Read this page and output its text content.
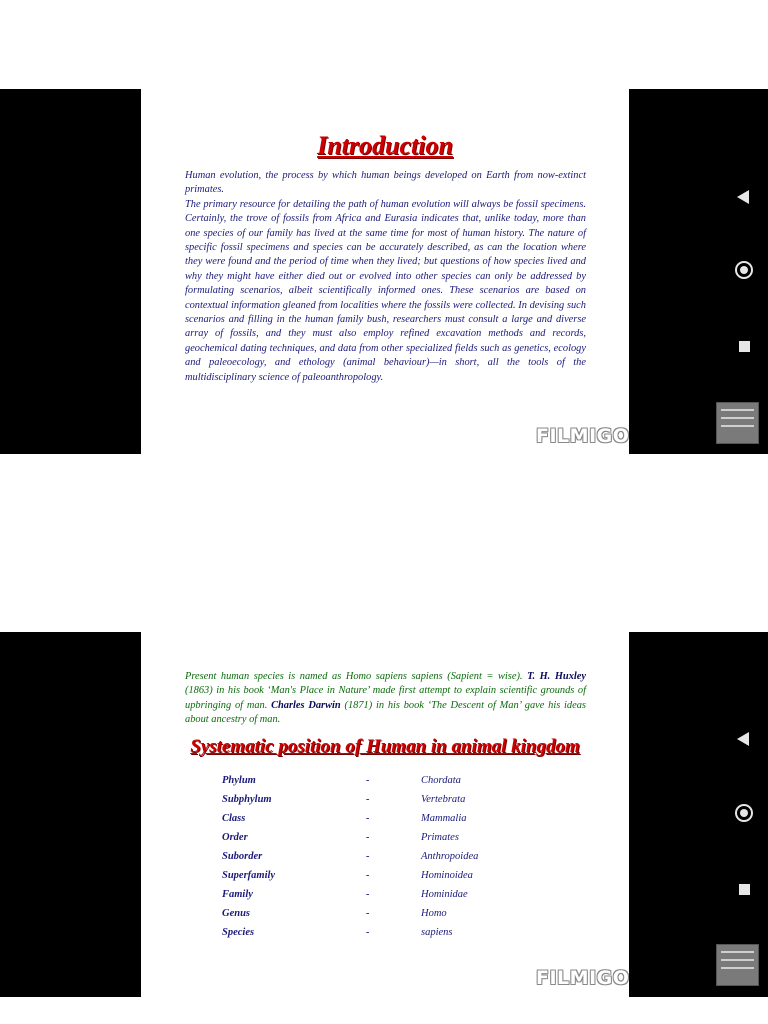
Introduction

Human evolution, the process by which human beings developed on Earth from now-extinct primates.

The primary resource for detailing the path of human evolution will always be fossil specimens. Certainly, the trove of fossils from Africa and Eurasia indicates that, unlike today, more than one species of our family has lived at the same time for most of human history. The nature of specific fossil specimens and species can be accurately described, as can the location where they were found and the period of time when they lived; but questions of how species lived and why they might have either died out or evolved into other species can only be addressed by formulating scenarios, albeit scientifically informed ones. These scenarios are based on contextual information gleaned from localities where the fossils were collected. In devising such scenarios and filling in the human family bush, researchers must consult a large and diverse array of fossils, and they must also employ refined excavation methods and records, geochemical dating techniques, and data from other specialized fields such as genetics, ecology and paleoecology, and ethology (animal behaviour)—in short, all the tools of the multidisciplinary science of paleoanthropology.

FILMIGO
Present human species is named as Homo sapiens sapiens (Sapient = wise). T. H. Huxley (1863) in his book ‘Man's Place in Nature’ made first attempt to explain scientific grounds of upbringing of man. Charles Darwin (1871) in his book ‘The Descent of Man’ gave his ideas about ancestry of man.
Systematic position of Human in animal kingdom
Phylum	-	Chordata
Subphylum	-	Vertebrata
Class	-	Mammalia
Order	-	Primates
Suborder	-	Anthropoidea
Superfamily	-	Hominoidea
Family	-	Hominidae
Genus	-	Homo
Species	-	sapiens
FILMIGO
